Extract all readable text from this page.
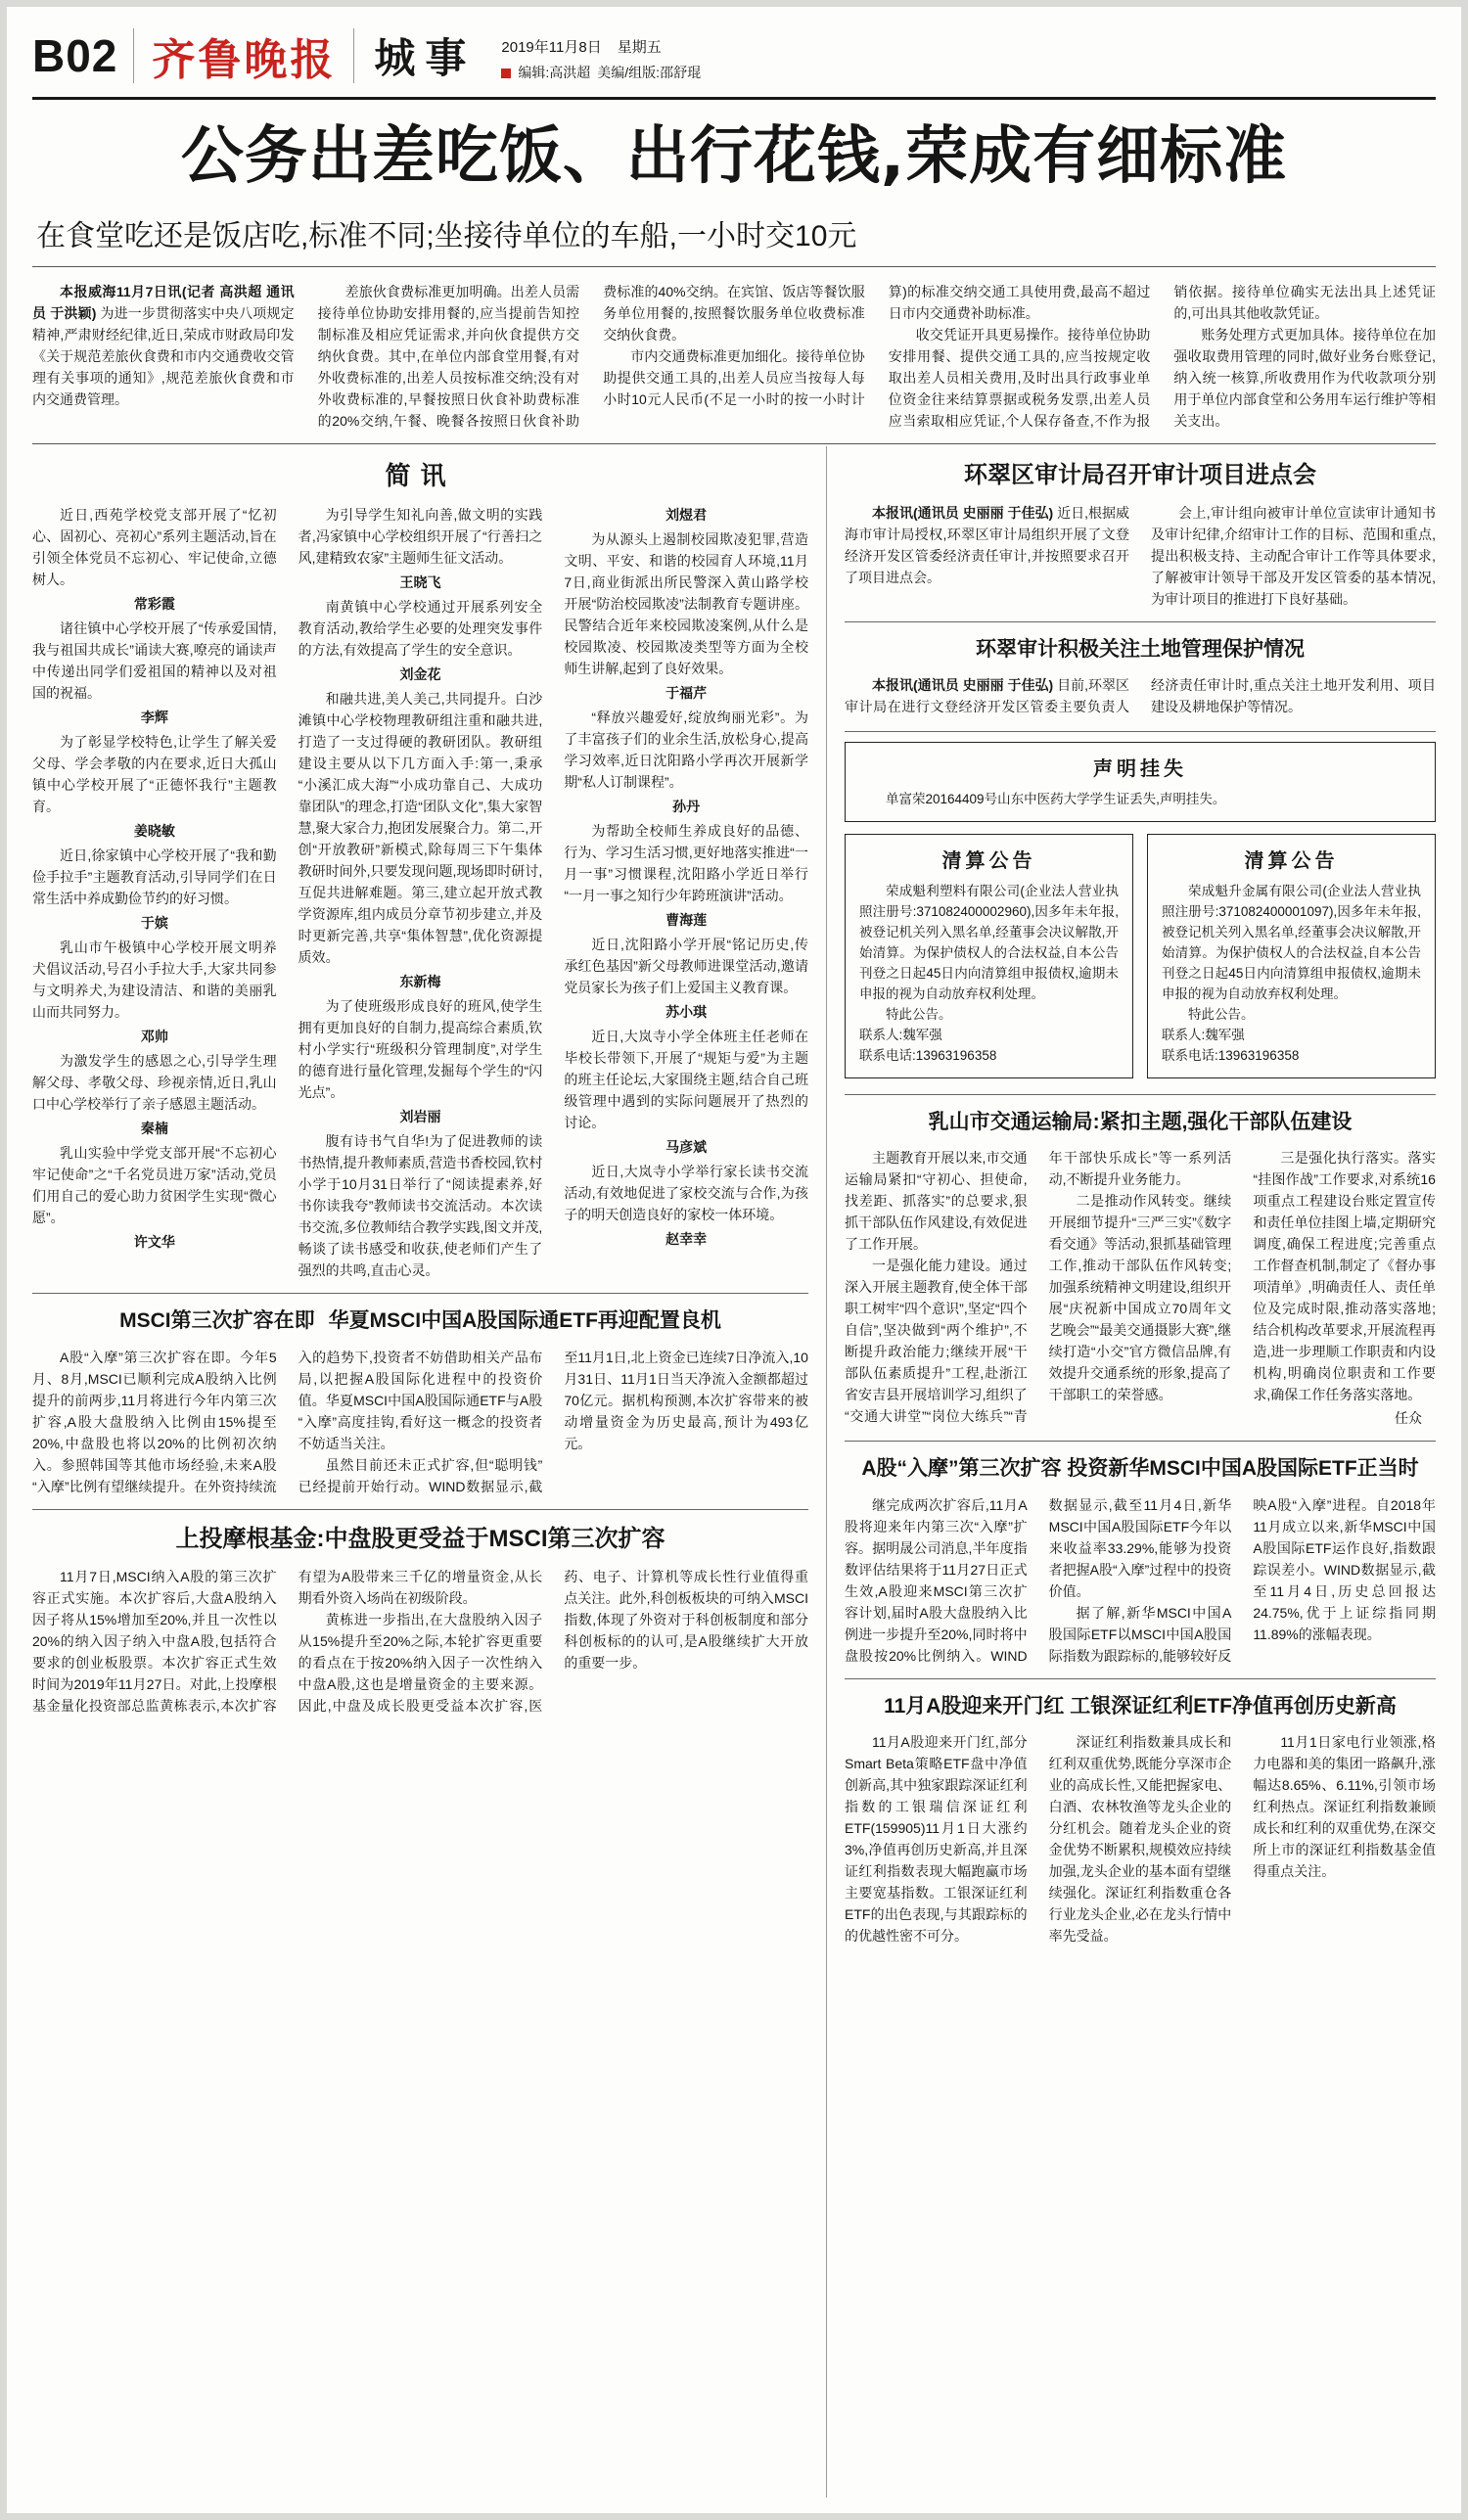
B02 齐鲁晚报 城事	2019年11月8日 星期五
编辑:高洪超 美编/组版:邵舒琨
公务出差吃饭、出行花钱,荣成有细标准
在食堂吃还是饭店吃,标准不同;坐接待单位的车船,一小时交10元

本报威海11月7日讯(记者 高洪超 通讯员 于洪颖) 为进一步贯彻落实中央八项规定精神,严肃财经纪律,近日,荣成市财政局印发《关于规范差旅伙食费和市内交通费收交管理有关事项的通知》,规范差旅伙食费和市内交通费管理。

差旅伙食费标准更加明确。出差人员需接待单位协助安排用餐的,应当提前告知控制标准及相应凭证需求,并向伙食提供方交纳伙食费。其中,在单位内部食堂用餐,有对外收费标准的,出差人员按标准交纳;没有对外收费标准的,早餐按照日伙食补助费标准的20%交纳,午餐、晚餐各按照日伙食补助费标准的40%交纳。在宾馆、饭店等餐饮服务单位用餐的,按照餐饮服务单位收费标准交纳伙食费。

市内交通费标准更加细化。接待单位协助提供交通工具的,出差人员应当按每人每小时10元人民币(不足一小时的按一小时计算)的标准交纳交通工具使用费,最高不超过日市内交通费补助标准。

收交凭证开具更易操作。接待单位协助安排用餐、提供交通工具的,应当按规定收取出差人员相关费用,及时出具行政事业单位资金往来结算票据或税务发票,出差人员应当索取相应凭证,个人保存备查,不作为报销依据。接待单位确实无法出具上述凭证的,可出具其他收款凭证。

账务处理方式更加具体。接待单位在加强收取费用管理的同时,做好业务台账登记,纳入统一核算,所收费用作为代收款项分别用于单位内部食堂和公务用车运行维护等相关支出。

简讯

近日,西苑学校党支部开展了“忆初心、固初心、亮初心”系列主题活动,旨在引领全体党员不忘初心、牢记使命,立德树人。

常彩霞

诸往镇中心学校开展了“传承爱国情,我与祖国共成长”诵读大赛,嘹亮的诵读声中传递出同学们爱祖国的精神以及对祖国的祝福。

李辉

为了彰显学校特色,让学生了解关爱父母、学会孝敬的内在要求,近日大孤山镇中心学校开展了“正德怀我行”主题教育。

姜晓敏

近日,徐家镇中心学校开展了“我和勤俭手拉手”主题教育活动,引导同学们在日常生活中养成勤俭节约的好习惯。

于嫔

乳山市午极镇中心学校开展文明养犬倡议活动,号召小手拉大手,大家共同参与文明养犬,为建设清洁、和谐的美丽乳山而共同努力。

邓帅

为激发学生的感恩之心,引导学生理解父母、孝敬父母、珍视亲情,近日,乳山口中心学校举行了亲子感恩主题活动。

秦楠

乳山实验中学党支部开展“不忘初心 牢记使命”之“千名党员进万家”活动,党员们用自己的爱心助力贫困学生实现“微心愿”。

许文华

为引导学生知礼向善,做文明的实践者,冯家镇中心学校组织开展了“行善扫之风,建精致农家”主题师生征文活动。

王晓飞

南黄镇中心学校通过开展系列安全教育活动,教给学生必要的处理突发事件的方法,有效提高了学生的安全意识。

刘金花

和融共进,美人美己,共同提升。白沙滩镇中心学校物理教研组注重和融共进,打造了一支过得硬的教研团队。教研组建设主要从以下几方面入手:第一,秉承“小溪汇成大海”“小成功靠自己、大成功靠团队”的理念,打造“团队文化”,集大家智慧,聚大家合力,抱团发展聚合力。第二,开创“开放教研”新模式,除每周三下午集体教研时间外,只要发现问题,现场即时研讨,互促共进解难题。第三,建立起开放式教学资源库,组内成员分章节初步建立,并及时更新完善,共享“集体智慧”,优化资源提质效。

东新梅

为了使班级形成良好的班风,使学生拥有更加良好的自制力,提高综合素质,钦村小学实行“班级积分管理制度”,对学生的德育进行量化管理,发掘每个学生的“闪光点”。

刘岩丽

腹有诗书气自华!为了促进教师的读书热情,提升教师素质,营造书香校园,钦村小学于10月31日举行了“阅读提素养,好书你读我夸”教师读书交流活动。本次读书交流,多位教师结合教学实践,图文并茂,畅谈了读书感受和收获,使老师们产生了强烈的共鸣,直击心灵。

刘煜君

为从源头上遏制校园欺凌犯罪,营造文明、平安、和谐的校园育人环境,11月7日,商业街派出所民警深入黄山路学校开展“防治校园欺凌”法制教育专题讲座。民警结合近年来校园欺凌案例,从什么是校园欺凌、校园欺凌类型等方面为全校师生讲解,起到了良好效果。

于福芹

“释放兴趣爱好,绽放绚丽光彩”。为了丰富孩子们的业余生活,放松身心,提高学习效率,近日沈阳路小学再次开展新学期“私人订制课程”。

孙丹

为帮助全校师生养成良好的品德、行为、学习生活习惯,更好地落实推进“一月一事”习惯课程,沈阳路小学近日举行“一月一事之知行少年跨班演讲”活动。

曹海莲

近日,沈阳路小学开展“铭记历史,传承红色基因”新父母教师进课堂活动,邀请党员家长为孩子们上爱国主义教育课。

苏小琪

近日,大岚寺小学全体班主任老师在毕校长带领下,开展了“规矩与爱”为主题的班主任论坛,大家围绕主题,结合自己班级管理中遇到的实际问题展开了热烈的讨论。

马彦斌

近日,大岚寺小学举行家长读书交流活动,有效地促进了家校交流与合作,为孩子的明天创造良好的家校一体环境。

赵幸幸

MSCI第三次扩容在即 华夏MSCI中国A股国际通ETF再迎配置良机

A股“入摩”第三次扩容在即。今年5月、8月,MSCI已顺利完成A股纳入比例提升的前两步,11月将进行今年内第三次扩容,A股大盘股纳入比例由15%提至20%,中盘股也将以20%的比例初次纳入。参照韩国等其他市场经验,未来A股“入摩”比例有望继续提升。在外资持续流入的趋势下,投资者不妨借助相关产品布局,以把握A股国际化进程中的投资价值。华夏MSCI中国A股国际通ETF与A股“入摩”高度挂钩,看好这一概念的投资者不妨适当关注。

虽然目前还未正式扩容,但“聪明钱”已经提前开始行动。WIND数据显示,截至11月1日,北上资金已连续7日净流入,10月31日、11月1日当天净流入金额都超过70亿元。据机构预测,本次扩容带来的被动增量资金为历史最高,预计为493亿元。

上投摩根基金:中盘股更受益于MSCI第三次扩容

11月7日,MSCI纳入A股的第三次扩容正式实施。本次扩容后,大盘A股纳入因子将从15%增加至20%,并且一次性以20%的纳入因子纳入中盘A股,包括符合要求的创业板股票。本次扩容正式生效时间为2019年11月27日。对此,上投摩根基金量化投资部总监黄栋表示,本次扩容有望为A股带来三千亿的增量资金,从长期看外资入场尚在初级阶段。

黄栋进一步指出,在大盘股纳入因子从15%提升至20%之际,本轮扩容更重要的看点在于按20%纳入因子一次性纳入中盘A股,这也是增量资金的主要来源。因此,中盘及成长股更受益本次扩容,医药、电子、计算机等成长性行业值得重点关注。此外,科创板板块的可纳入MSCI指数,体现了外资对于科创板制度和部分科创板标的的认可,是A股继续扩大开放的重要一步。

环翠区审计局召开审计项目进点会

本报讯(通讯员 史丽丽 于佳弘) 近日,根据威海市审计局授权,环翠区审计局组织开展了文登经济开发区管委经济责任审计,并按照要求召开了项目进点会。

会上,审计组向被审计单位宣读审计通知书及审计纪律,介绍审计工作的目标、范围和重点,提出积极支持、主动配合审计工作等具体要求,了解被审计领导干部及开发区管委的基本情况,为审计项目的推进打下良好基础。

环翠审计积极关注土地管理保护情况

本报讯(通讯员 史丽丽 于佳弘) 目前,环翠区审计局在进行文登经济开发区管委主要负责人经济责任审计时,重点关注土地开发利用、项目建设及耕地保护等情况。

声明挂失

单富荣20164409号山东中医药大学学生证丢失,声明挂失。

清算公告

荣成魁利塑料有限公司(企业法人营业执照注册号:371082400002960),因多年未年报,被登记机关列入黑名单,经董事会决议解散,开始清算。为保护债权人的合法权益,自本公告刊登之日起45日内向清算组申报债权,逾期未申报的视为自动放弃权利处理。

特此公告。

联系人:魏军强

联系电话:13963196358

清算公告

荣成魁升金属有限公司(企业法人营业执照注册号:371082400001097),因多年未年报,被登记机关列入黑名单,经董事会决议解散,开始清算。为保护债权人的合法权益,自本公告刊登之日起45日内向清算组申报债权,逾期未申报的视为自动放弃权利处理。

特此公告。

联系人:魏军强

联系电话:13963196358

乳山市交通运输局:紧扣主题,强化干部队伍建设

主题教育开展以来,市交通运输局紧扣“守初心、担使命,找差距、抓落实”的总要求,狠抓干部队伍作风建设,有效促进了工作开展。

一是强化能力建设。通过深入开展主题教育,使全体干部职工树牢“四个意识”,坚定“四个自信”,坚决做到“两个维护”,不断提升政治能力;继续开展“干部队伍素质提升”工程,赴浙江省安吉县开展培训学习,组织了“交通大讲堂”“岗位大练兵”“青年干部快乐成长”等一系列活动,不断提升业务能力。

二是推动作风转变。继续开展细节提升“三严三实”《数字看交通》等活动,狠抓基础管理工作,推动干部队伍作风转变;加强系统精神文明建设,组织开展“庆祝新中国成立70周年文艺晚会”“最美交通摄影大赛”,继续打造“小交”官方微信品牌,有效提升交通系统的形象,提高了干部职工的荣誉感。

三是强化执行落实。落实“挂图作战”工作要求,对系统16项重点工程建设台账定置宣传和责任单位挂图上墙,定期研究调度,确保工程进度;完善重点工作督查机制,制定了《督办事项清单》,明确责任人、责任单位及完成时限,推动落实落地;结合机构改革要求,开展流程再造,进一步理顺工作职责和内设机构,明确岗位职责和工作要求,确保工作任务落实落地。

任众

A股“入摩”第三次扩容 投资新华MSCI中国A股国际ETF正当时

继完成两次扩容后,11月A股将迎来年内第三次“入摩”扩容。据明晟公司消息,半年度指数评估结果将于11月27日正式生效,A股迎来MSCI第三次扩容计划,届时A股大盘股纳入比例进一步提升至20%,同时将中盘股按20%比例纳入。WIND数据显示,截至11月4日,新华MSCI中国A股国际ETF今年以来收益率33.29%,能够为投资者把握A股“入摩”过程中的投资价值。

据了解,新华MSCI中国A股国际ETF以MSCI中国A股国际指数为跟踪标的,能够较好反映A股“入摩”进程。自2018年11月成立以来,新华MSCI中国A股国际ETF运作良好,指数跟踪误差小。WIND数据显示,截至11月4日,历史总回报达24.75%,优于上证综指同期11.89%的涨幅表现。

11月A股迎来开门红 工银深证红利ETF净值再创历史新高

11月A股迎来开门红,部分Smart Beta策略ETF盘中净值创新高,其中独家跟踪深证红利指数的工银瑞信深证红利ETF(159905)11月1日大涨约3%,净值再创历史新高,并且深证红利指数表现大幅跑赢市场主要宽基指数。工银深证红利ETF的出色表现,与其跟踪标的的优越性密不可分。

深证红利指数兼具成长和红利双重优势,既能分享深市企业的高成长性,又能把握家电、白酒、农林牧渔等龙头企业的分红机会。随着龙头企业的资金优势不断累积,规模效应持续加强,龙头企业的基本面有望继续强化。深证红利指数重仓各行业龙头企业,必在龙头行情中率先受益。

11月1日家电行业领涨,格力电器和美的集团一路飙升,涨幅达8.65%、6.11%,引领市场红利热点。深证红利指数兼顾成长和红利的双重优势,在深交所上市的深证红利指数基金值得重点关注。
